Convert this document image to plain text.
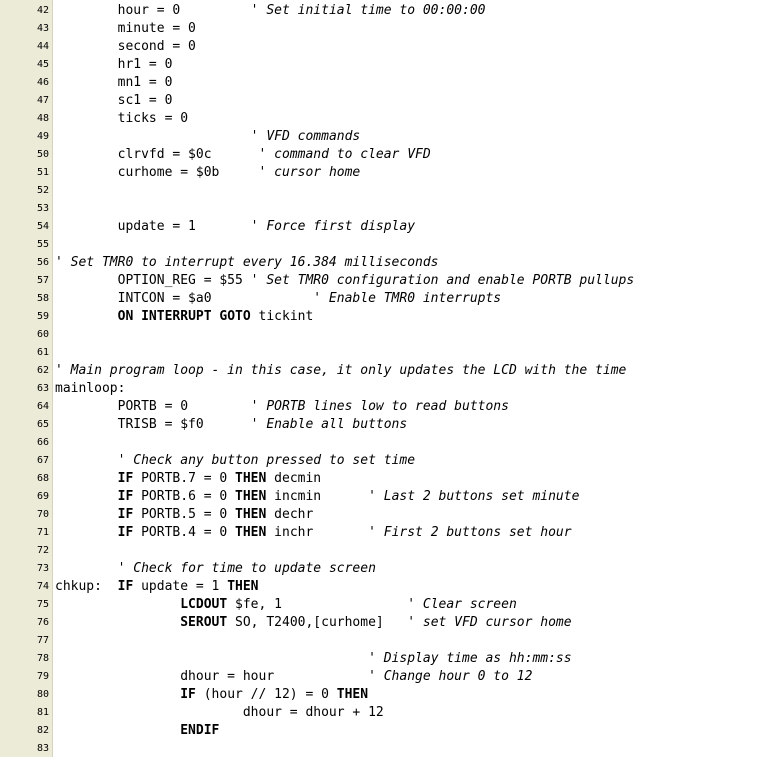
42 hour = 0         ' Set initial time to 00:00:00
43 minute = 0
44 second = 0
45 hr1 = 0
46 mn1 = 0
47 sc1 = 0
48 ticks = 0
49	' VFD commands
50 clrvfd = $0c      ' command to clear VFD
51 curhome = $0b     ' cursor home
52
53
54 update = 1       ' Force first display
55
56 ' Set TMR0 to interrupt every 16.384 milliseconds
57 OPTION_REG = $55 ' Set TMR0 configuration and enable PORTB pullups
58 INTCON = $a0             ' Enable TMR0 interrupts
59	ON INTERRUPT GOTO tickint
60
61
62 ' Main program loop - in this case, it only updates the LCD with the time
63 mainloop:
64 PORTB = 0        ' PORTB lines low to read buttons
65 TRISB = $f0      ' Enable all buttons
66
67	' Check any button pressed to set time
68	IF PORTB.7 = 0 THEN decmin
69	IF PORTB.6 = 0 THEN incmin      ' Last 2 buttons set minute
70	IF PORTB.5 = 0 THEN dechr
71	IF PORTB.4 = 0 THEN inchr       ' First 2 buttons set hour
72
73	' Check for time to update screen
74 chkup:  IF update = 1 THEN
75	LCDOUT $fe, 1                ' Clear screen
76	SEROUT SO, T2400,[curhome]   ' set VFD cursor home
77
78	' Display time as hh:mm:ss
79 dhour = hour            ' Change hour 0 to 12
80	IF (hour // 12) = 0 THEN
81 dhour = dhour + 12
82	ENDIF
83
